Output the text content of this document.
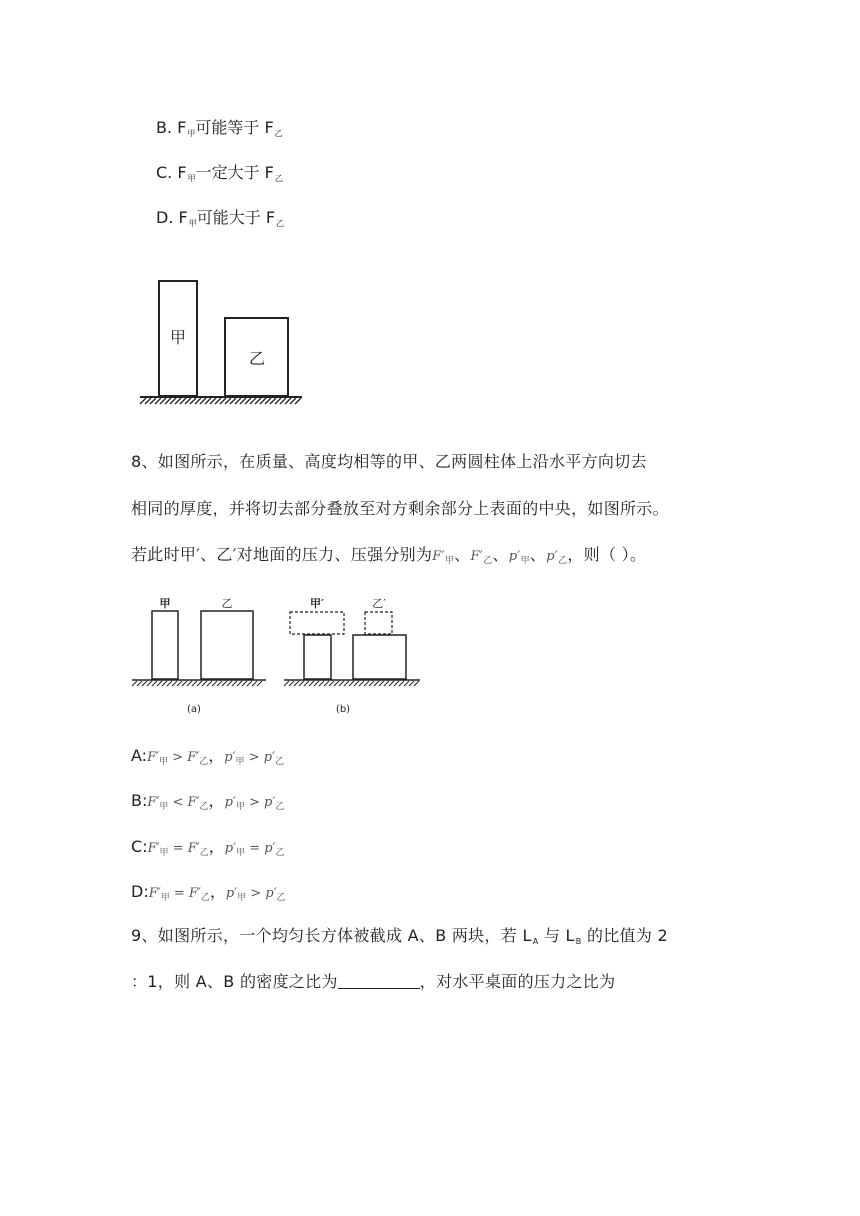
B. $F_甲$可能等于 $F_乙$
C. $F_甲$一定大于 $F_乙$
D. $F_甲$可能大于 $F_乙$
甲
乙
8、如图所示，在质量、高度均相等的甲、乙两圆柱体上沿水平方向切去
相同的厚度，并将切去部分叠放至对方剩余部分上表面的中央，如图所示。
若此时甲′、乙′对地面的压力、压强分别为$F'_甲$、$F'_乙$、$p'_甲$、$p'_乙$，则（ ）。
甲	乙
(a)
甲′	乙′
(b)
$A:F'_甲 > F'_乙$，$p'_甲 > p'_乙$
$B:F'_甲 < F'_乙$，$p'_甲 > p'_乙$
$C:F'_甲 = F'_乙$，$p'_甲 = p'_乙$
$D:F'_甲 = F'_乙$，$p'_甲 > p'_乙$
9、如图所示，一个均匀长方体被截成 A、B 两块，若 $L_A$ 与 $L_B$ 的比值为 2
：1，则 A、B 的密度之比为	，对水平桌面的压力之比为
